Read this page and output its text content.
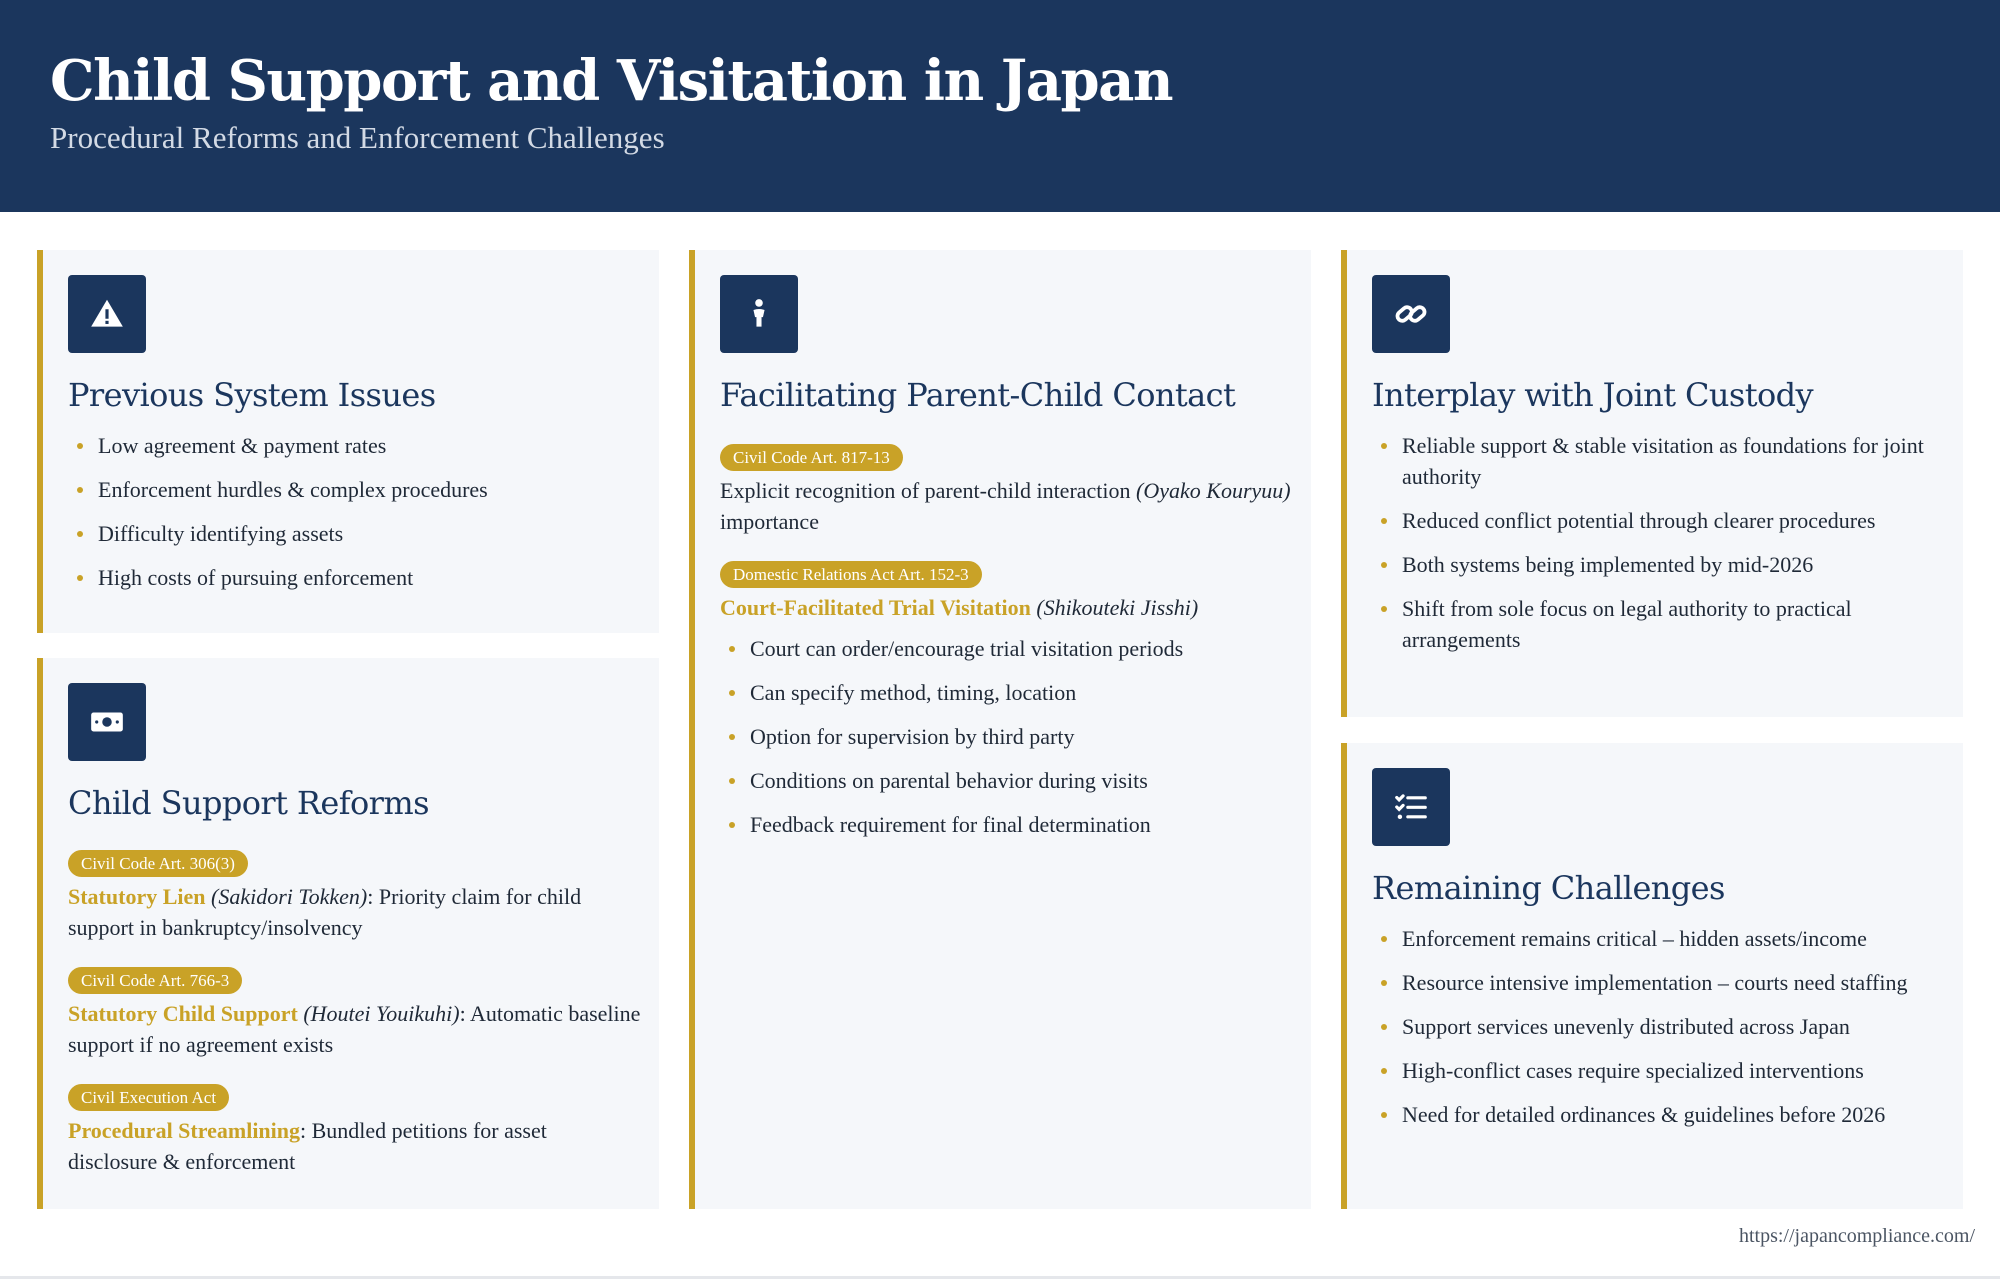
Child Support and Visitation in Japan
Procedural Reforms and Enforcement Challenges
Previous System Issues
Low agreement & payment rates
Enforcement hurdles & complex procedures
Difficulty identifying assets
High costs of pursuing enforcement
Child Support Reforms
Civil Code Art. 306(3)
Statutory Lien (Sakidori Tokken): Priority claim for child support in bankruptcy/insolvency
Civil Code Art. 766-3
Statutory Child Support (Houtei Youikuhi): Automatic baseline support if no agreement exists
Civil Execution Act
Procedural Streamlining: Bundled petitions for asset disclosure & enforcement
Facilitating Parent-Child Contact
Civil Code Art. 817-13
Explicit recognition of parent-child interaction (Oyako Kouryuu) importance
Domestic Relations Act Art. 152-3
Court-Facilitated Trial Visitation (Shikouteki Jisshi)
Court can order/encourage trial visitation periods
Can specify method, timing, location
Option for supervision by third party
Conditions on parental behavior during visits
Feedback requirement for final determination
Interplay with Joint Custody
Reliable support & stable visitation as foundations for joint authority
Reduced conflict potential through clearer procedures
Both systems being implemented by mid-2026
Shift from sole focus on legal authority to practical arrangements
Remaining Challenges
Enforcement remains critical – hidden assets/income
Resource intensive implementation – courts need staffing
Support services unevenly distributed across Japan
High-conflict cases require specialized interventions
Need for detailed ordinances & guidelines before 2026
https://japancompliance.com/
